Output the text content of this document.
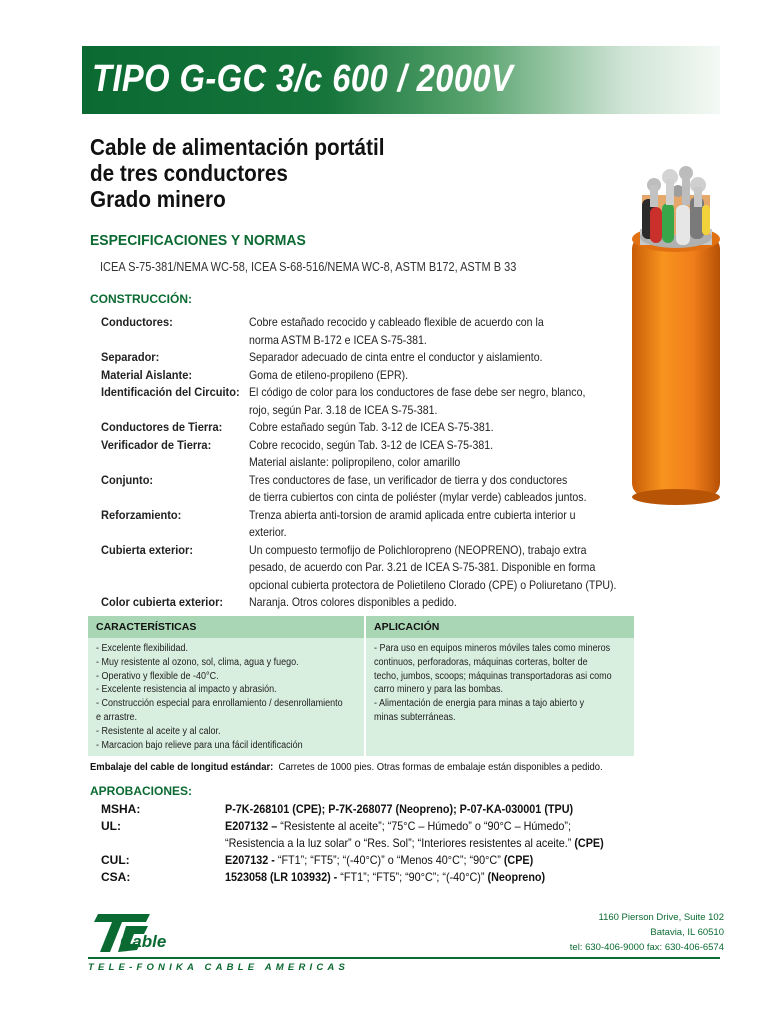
TIPO G-GC 3/c 600 / 2000V
Cable de alimentación portátil
de tres conductores
Grado minero
ESPECIFICACIONES Y NORMAS
ICEA S-75-381/NEMA WC-58, ICEA S-68-516/NEMA WC-8, ASTM B172, ASTM B 33
CONSTRUCCIÓN:
Conductores:	Cobre estañado recocido y cableado flexible de acuerdo con la
norma ASTM B-172 e ICEA S-75-381.
Separador:	Separador adecuado de cinta entre el conductor y aislamiento.
Material Aislante:	Goma de etileno-propileno (EPR).
Identificación del Circuito: El código de color para los conductores de fase debe ser negro, blanco,
rojo, según Par. 3.18 de ICEA S-75-381.
Conductores de Tierra:	Cobre estañado según Tab. 3-12 de ICEA S-75-381.
Verificador de Tierra:	Cobre recocido, según Tab. 3-12 de ICEA S-75-381.
Material aislante: polipropileno, color amarillo
Conjunto:	Tres conductores de fase, un verificador de tierra y dos conductores
de tierra cubiertos con cinta de poliéster (mylar verde) cableados juntos.
Reforzamiento:	Trenza abierta anti-torsion de aramid aplicada entre cubierta interior u
exterior.
Cubierta exterior:	Un compuesto termofijo de Polichloropreno (NEOPRENO), trabajo extra
pesado, de acuerdo con Par. 3.21 de ICEA S-75-381. Disponible en forma
opcional cubierta protectora de Polietileno Clorado (CPE) o Poliuretano (TPU).
Color cubierta exterior:	Naranja. Otros colores disponibles a pedido.
CARACTERÍSTICAS	APLICACIÓN
- Excelente flexibilidad.
- Muy resistente al ozono, sol, clima, agua y fuego.
- Operativo y flexible de -40°C.
- Excelente resistencia al impacto y abrasión.
- Construcción especial para enrollamiento / desenrollamiento
e arrastre.
- Resistente al aceite y al calor.
- Marcacion bajo relieve para una fácil identificación
- Para uso en equipos mineros móviles tales como mineros
continuos, perforadoras, máquinas corteras, bolter de
techo, jumbos, scoops; máquinas transportadoras asi como
carro minero y para las bombas.
- Alimentación de energia para minas a tajo abierto y
minas subterráneas.
Embalaje del cable de longitud estándar: Carretes de 1000 pies. Otras formas de embalaje están disponibles a pedido.
APROBACIONES:
MSHA:	P-7K-268101 (CPE); P-7K-268077 (Neopreno); P-07-KA-030001 (TPU)
UL:	E207132 – “Resistente al aceite”; “75°C – Húmedo” o “90°C – Húmedo”;
“Resistencia a la luz solar” o “Res. Sol”; “Interiores resistentes al aceite.” (CPE)
CUL:	E207132 - “FT1”; “FT5”; “(-40°C)” o “Menos 40°C”; “90°C” (CPE)
CSA:	1523058 (LR 103932) - “FT1”; “FT5”; “90°C”; “(-40°C)” (Neopreno)
Cable
1160 Pierson Drive, Suite 102
Batavia, IL 60510
tel: 630-406-9000 fax: 630-406-6574
TELE-FONIKA CABLE AMERICAS
